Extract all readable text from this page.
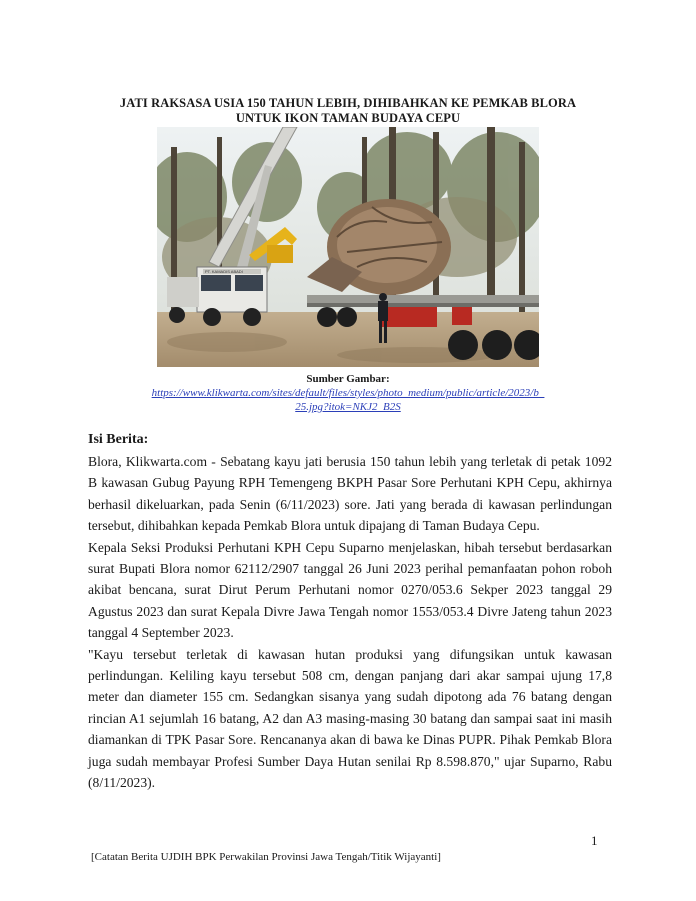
JATI RAKSASA USIA 150 TAHUN LEBIH, DIHIBAHKAN KE PEMKAB BLORA
UNTUK IKON TAMAN BUDAYA CEPU
PT. KAMADIS ABADI
Sumber Gambar:
https://www.klikwarta.com/sites/default/files/styles/photo_medium/public/article/2023/b_
25.jpg?itok=NKJ2_B2S
Isi Berita:

Blora, Klikwarta.com - Sebatang kayu jati berusia 150 tahun lebih yang terletak di petak 1092 B kawasan Gubug Payung RPH Temengeng BKPH Pasar Sore Perhutani KPH Cepu, akhirnya berhasil dikeluarkan, pada Senin (6/11/2023) sore. Jati yang berada di kawasan perlindungan tersebut, dihibahkan kepada Pemkab Blora untuk dipajang di Taman Budaya Cepu.

Kepala Seksi Produksi Perhutani KPH Cepu Suparno menjelaskan, hibah tersebut berdasarkan surat Bupati Blora nomor 62112/2907 tanggal 26 Juni 2023 perihal pemanfaatan pohon roboh akibat bencana, surat Dirut Perum Perhutani nomor 0270/053.6 Sekper 2023 tanggal 29 Agustus 2023 dan surat Kepala Divre Jawa Tengah nomor 1553/053.4 Divre Jateng tahun 2023 tanggal 4 September 2023.

"Kayu tersebut terletak di kawasan hutan produksi yang difungsikan untuk kawasan perlindungan. Keliling kayu tersebut 508 cm, dengan panjang dari akar sampai ujung 17,8 meter dan diameter 155 cm. Sedangkan sisanya yang sudah dipotong ada 76 batang dengan rincian A1 sejumlah 16 batang, A2 dan A3 masing-masing 30 batang dan sampai saat ini masih diamankan di TPK Pasar Sore. Rencananya akan di bawa ke Dinas PUPR. Pihak Pemkab Blora juga sudah membayar Profesi Sumber Daya Hutan senilai Rp 8.598.870," ujar Suparno, Rabu (8/11/2023).

1
[Catatan Berita UJDIH BPK Perwakilan Provinsi Jawa Tengah/Titik Wijayanti]
